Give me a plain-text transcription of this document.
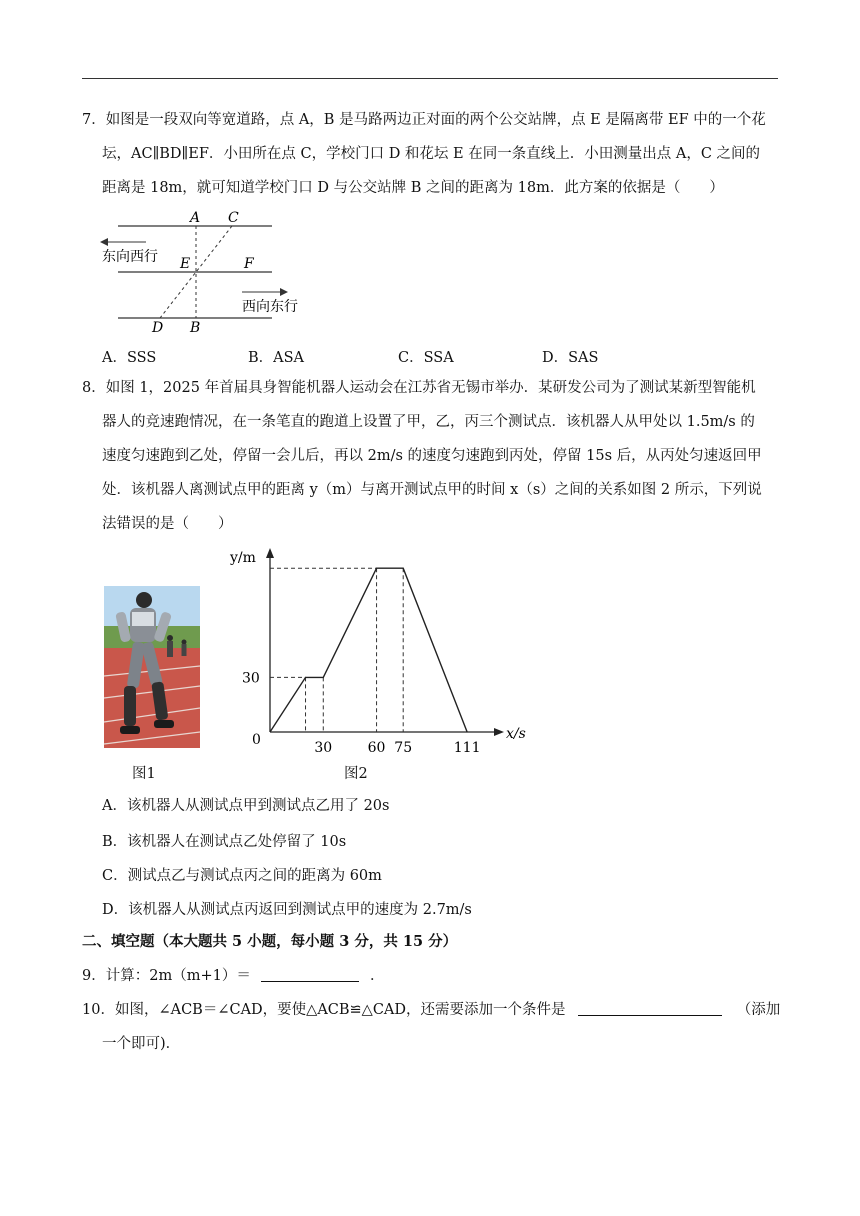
7．如图是一段双向等宽道路，点 A，B 是马路两边正对面的两个公交站牌，点 E 是隔离带 EF 中的一个花
坛，AC∥BD∥EF．小田所在点 C，学校门口 D 和花坛 E 在同一条直线上．小田测量出点 A，C 之间的
距离是 18m，就可知道学校门口 D 与公交站牌 B 之间的距离为 18m．此方案的依据是（　　）
A C
E	F
D B
东向西行
西向东行
A．SSS	B．ASA	C．SSA	D．SAS
8．如图 1，2025 年首届具身智能机器人运动会在江苏省无锡市举办．某研发公司为了测试某新型智能机
器人的竞速跑情况，在一条笔直的跑道上设置了甲，乙，丙三个测试点．该机器人从甲处以 1.5m/s 的
速度匀速跑到乙处，停留一会儿后，再以 2m/s 的速度匀速跑到丙处，停留 15s 后，从丙处匀速返回甲
处．该机器人离测试点甲的距离 y（m）与离开测试点甲的时间 x（s）之间的关系如图 2 所示，下列说
法错误的是（　　）
图1
x/s
y/m
0	30	60 75	111
30
图2
A．该机器人从测试点甲到测试点乙用了 20s
B．该机器人在测试点乙处停留了 10s
C．测试点乙与测试点丙之间的距离为 60m
D．该机器人从测试点丙返回到测试点甲的速度为 2.7m/s
二、填空题（本大题共 5 小题，每小题 3 分，共 15 分）
9．计算：2m（m+1）＝	．
10．如图，∠ACB＝∠CAD，要使△ACB≌△CAD，还需要添加一个条件是	（添加
一个即可)．
